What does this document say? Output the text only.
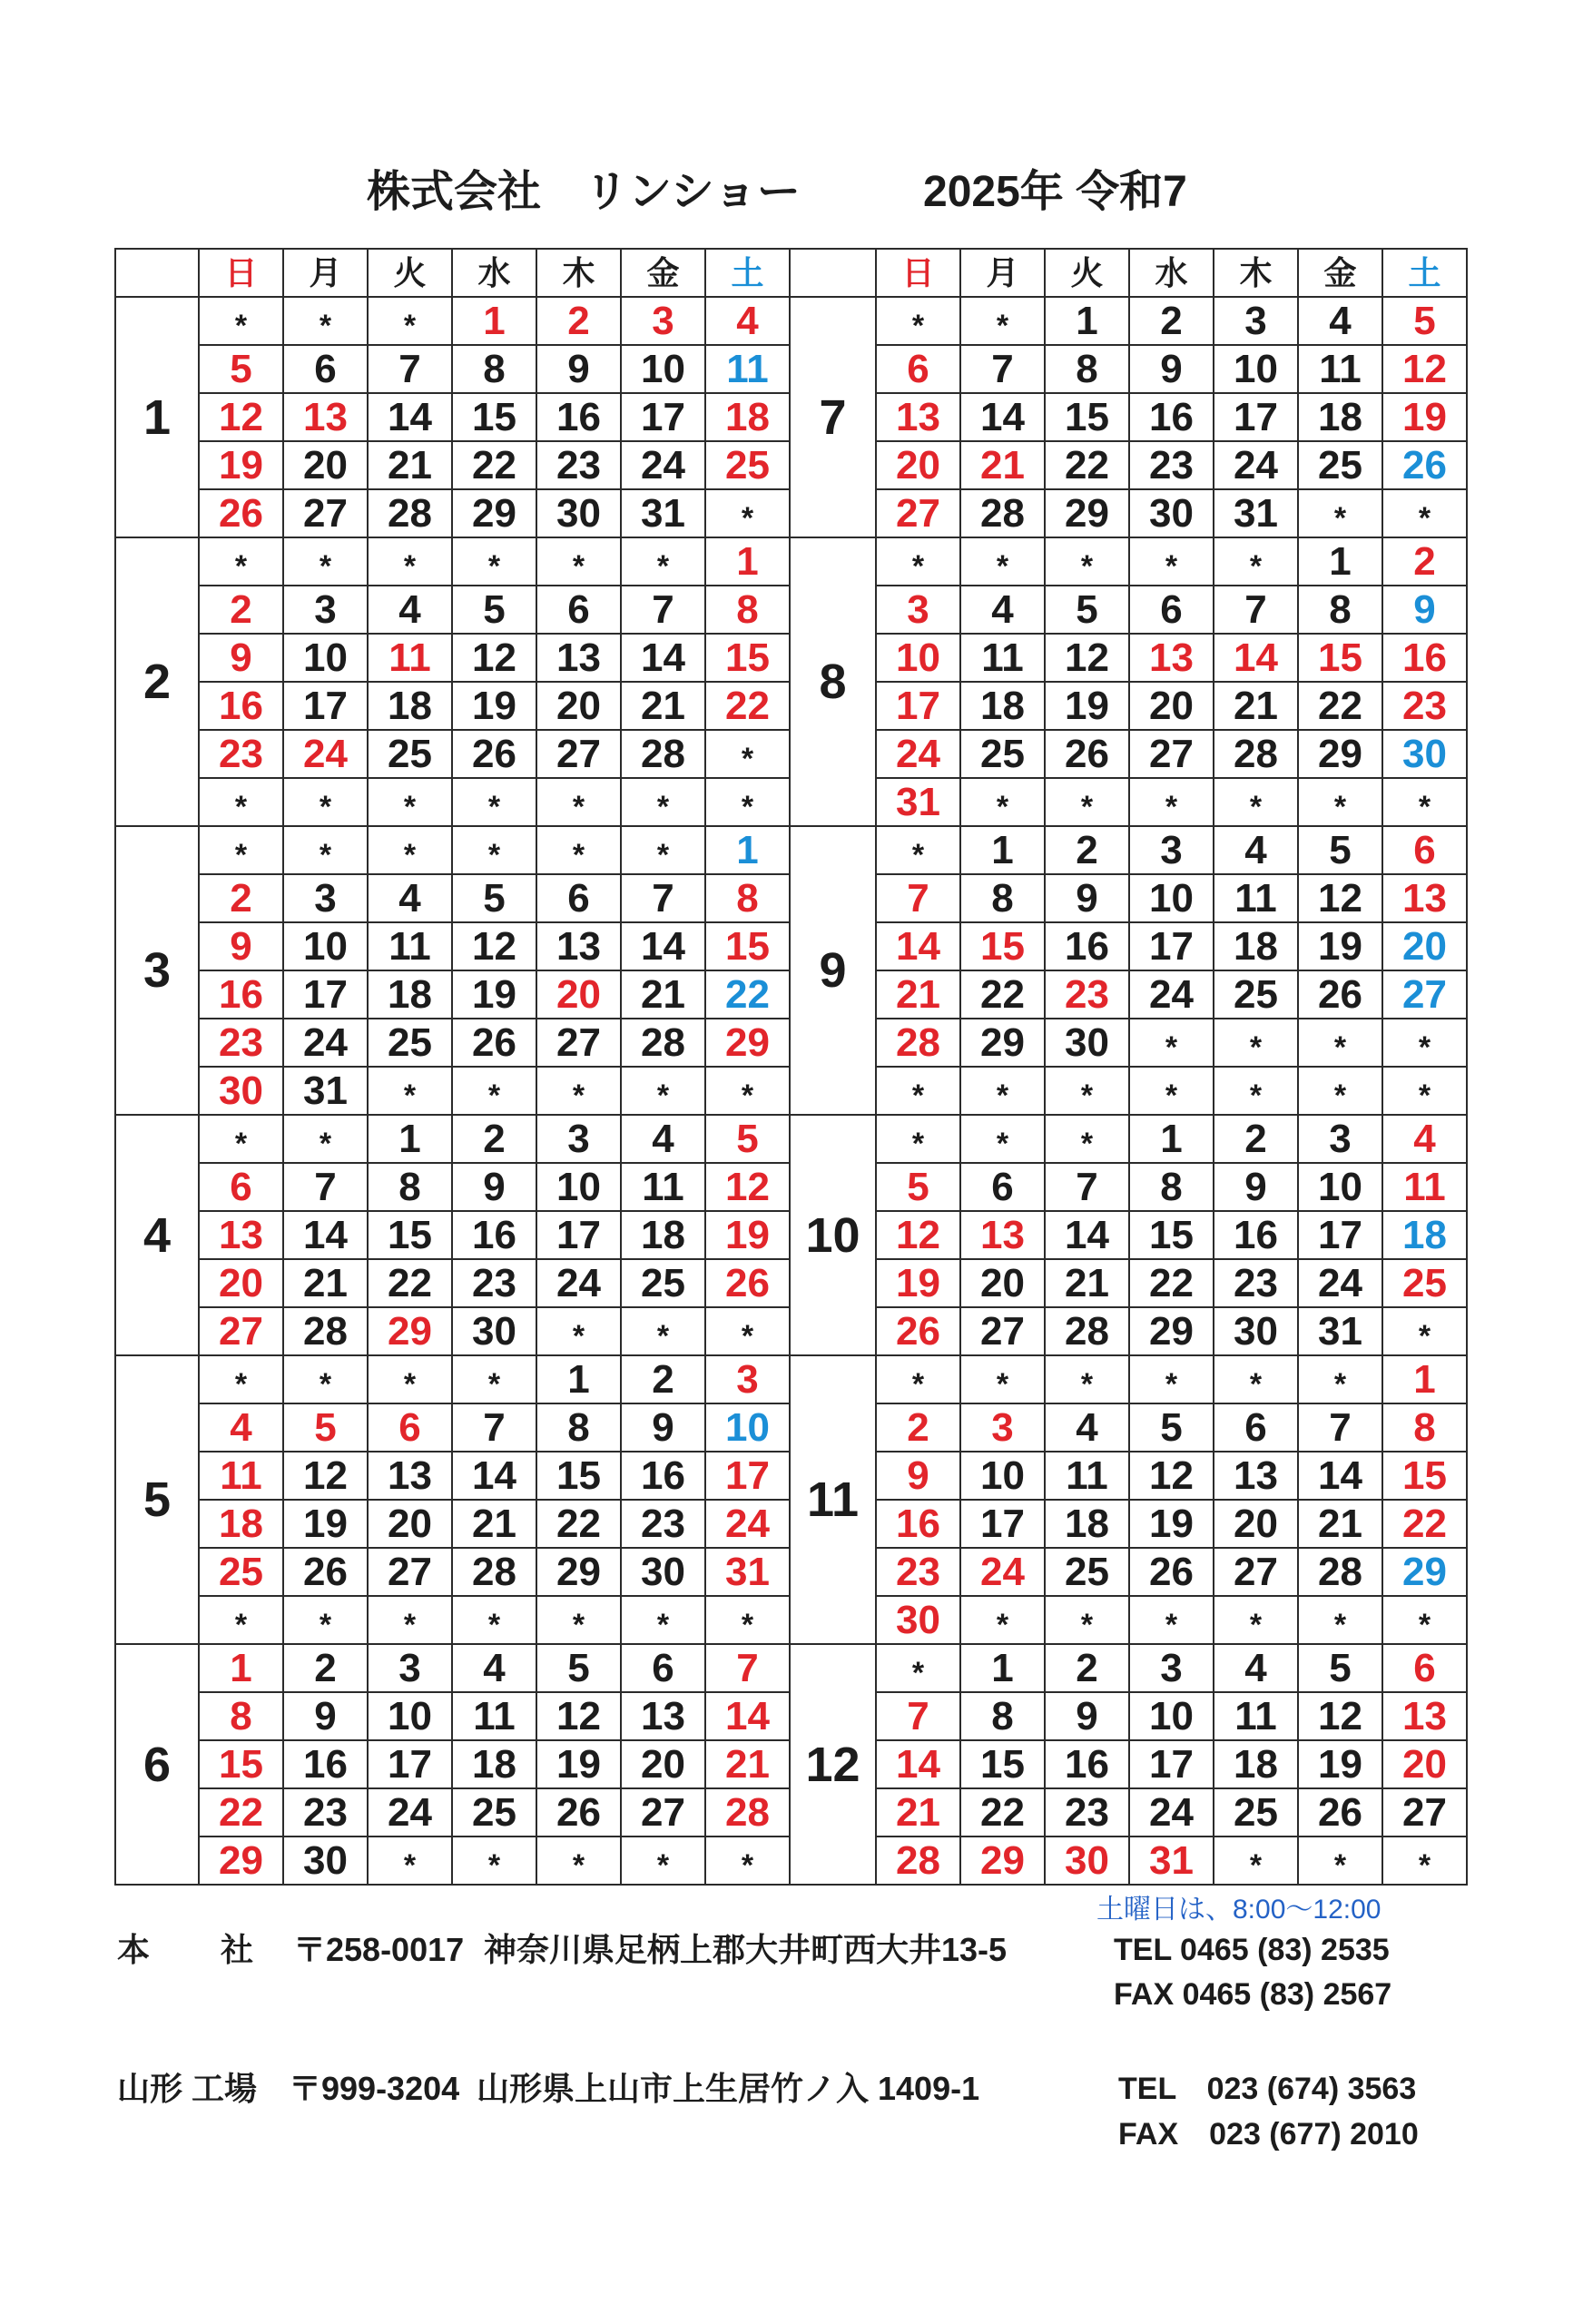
株式会社　リンショー	2025年 令和7
	日	月	火	水	木	金	土		日	月	火	水	木	金	土
1	*	*	*	1	2	3	4	7	*	*	1	2	3	4	5
	5	6	7	8	9	10	11		6	7	8	9	10	11	12
	12	13	14	15	16	17	18		13	14	15	16	17	18	19
	19	20	21	22	23	24	25		20	21	22	23	24	25	26
	26	27	28	29	30	31	*		27	28	29	30	31	*	*
2	*	*	*	*	*	*	1	8	*	*	*	*	*	1	2
	2	3	4	5	6	7	8		3	4	5	6	7	8	9
	9	10	11	12	13	14	15		10	11	12	13	14	15	16
	16	17	18	19	20	21	22		17	18	19	20	21	22	23
	23	24	25	26	27	28	*		24	25	26	27	28	29	30
	*	*	*	*	*	*	*		31	*	*	*	*	*	*
3	*	*	*	*	*	*	1	9	*	1	2	3	4	5	6
	2	3	4	5	6	7	8		7	8	9	10	11	12	13
	9	10	11	12	13	14	15		14	15	16	17	18	19	20
	16	17	18	19	20	21	22		21	22	23	24	25	26	27
	23	24	25	26	27	28	29		28	29	30	*	*	*	*
	30	31	*	*	*	*	*		*	*	*	*	*	*	*
4	*	*	1	2	3	4	5	10	*	*	*	1	2	3	4
	6	7	8	9	10	11	12		5	6	7	8	9	10	11
	13	14	15	16	17	18	19		12	13	14	15	16	17	18
	20	21	22	23	24	25	26		19	20	21	22	23	24	25
	27	28	29	30	*	*	*		26	27	28	29	30	31	*
5	*	*	*	*	1	2	3	11	*	*	*	*	*	*	1
	4	5	6	7	8	9	10		2	3	4	5	6	7	8
	11	12	13	14	15	16	17		9	10	11	12	13	14	15
	18	19	20	21	22	23	24		16	17	18	19	20	21	22
	25	26	27	28	29	30	31		23	24	25	26	27	28	29
	*	*	*	*	*	*	*		30	*	*	*	*	*	*
6	1	2	3	4	5	6	7	12	*	1	2	3	4	5	6
	8	9	10	11	12	13	14		7	8	9	10	11	12	13
	15	16	17	18	19	20	21		14	15	16	17	18	19	20
	22	23	24	25	26	27	28		21	22	23	24	25	26	27
	29	30	*	*	*	*	*		28	29	30	31	*	*	*
土曜日は、8:00～12:00
本　　社 〒258-0017 神奈川県足柄上郡大井町西大井13-5	TEL 0465 (83) 2535
FAX 0465 (83) 2567
山形 工場 〒999-3204 山形県上山市上生居竹ノ入 1409-1	TEL　023 (674) 3563
FAX　023 (677) 2010
